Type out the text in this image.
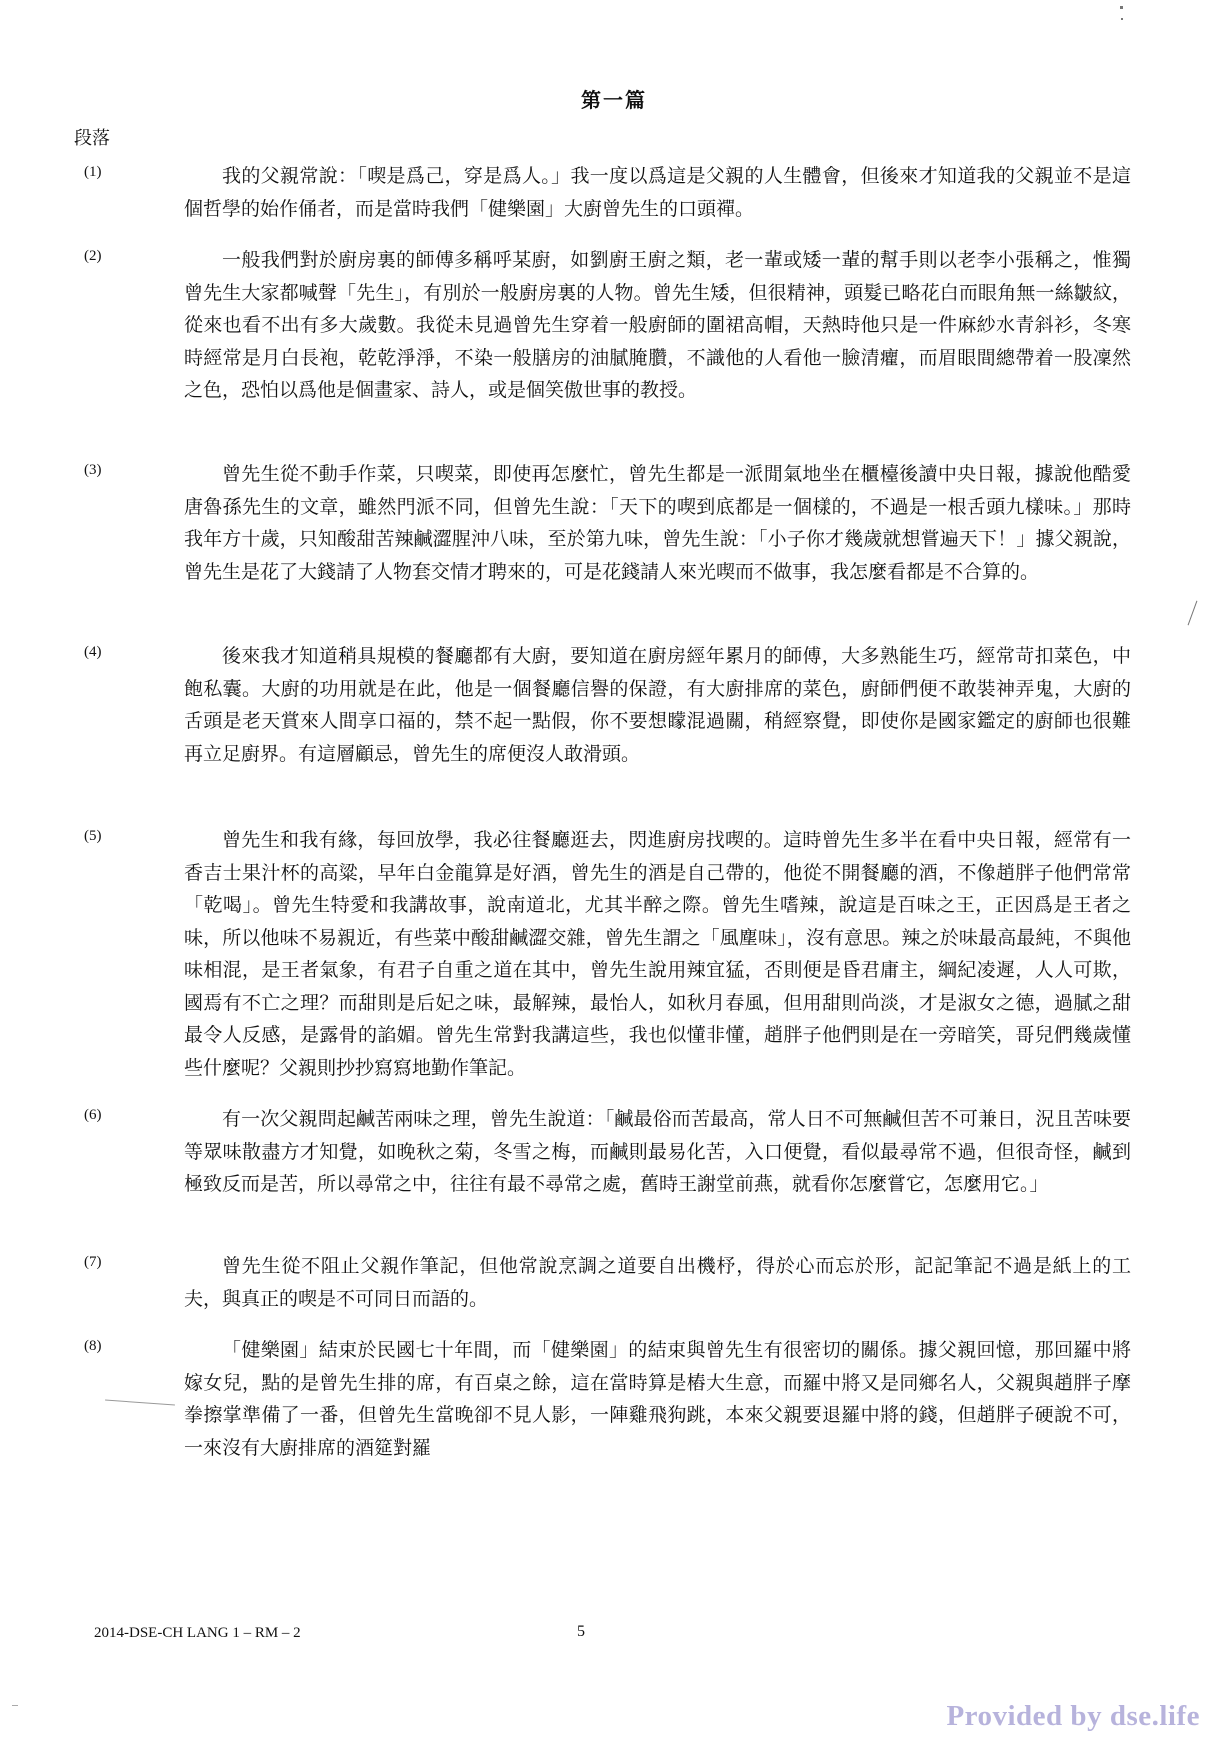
第一篇
段落
(1)	我的父親常說：「喫是爲己，穿是爲人。」我一度以爲這是父親的人生體會，但後來才知道我的父親並不是這個哲學的始作俑者，而是當時我們「健樂園」大廚曾先生的口頭禪。
(2)	一般我們對於廚房裏的師傅多稱呼某廚，如劉廚王廚之類，老一輩或矮一輩的幫手則以老李小張稱之，惟獨曾先生大家都喊聲「先生」，有別於一般廚房裏的人物。曾先生矮，但很精神，頭髮已略花白而眼角無一絲皺紋，從來也看不出有多大歲數。我從未見過曾先生穿着一般廚師的圍裙高帽，天熱時他只是一件麻紗水青斜衫，冬寒時經常是月白長袍，乾乾淨淨，不染一般膳房的油膩腌臢，不識他的人看他一臉清癯，而眉眼間總帶着一股凜然之色，恐怕以爲他是個畫家、詩人，或是個笑傲世事的教授。
(3)	曾先生從不動手作菜，只喫菜，即使再怎麼忙，曾先生都是一派閒氣地坐在櫃檯後讀中央日報，據說他酷愛唐魯孫先生的文章，雖然門派不同，但曾先生說：「天下的喫到底都是一個樣的，不過是一根舌頭九樣味。」那時我年方十歲，只知酸甜苦辣鹹澀腥沖八味，至於第九味，曾先生說：「小子你才幾歲就想嘗遍天下！」據父親說，曾先生是花了大錢請了人物套交情才聘來的，可是花錢請人來光喫而不做事，我怎麼看都是不合算的。
(4)	後來我才知道稍具規模的餐廳都有大廚，要知道在廚房經年累月的師傅，大多熟能生巧，經常苛扣菜色，中飽私囊。大廚的功用就是在此，他是一個餐廳信譽的保證，有大廚排席的菜色，廚師們便不敢裝神弄鬼，大廚的舌頭是老天賞來人間享口福的，禁不起一點假，你不要想矇混過關，稍經察覺，即使你是國家鑑定的廚師也很難再立足廚界。有這層顧忌，曾先生的席便沒人敢滑頭。
(5)	曾先生和我有緣，每回放學，我必往餐廳逛去，閃進廚房找喫的。這時曾先生多半在看中央日報，經常有一香吉士果汁杯的高粱，早年白金龍算是好酒，曾先生的酒是自己帶的，他從不開餐廳的酒，不像趙胖子他們常常「乾喝」。曾先生特愛和我講故事，說南道北，尤其半醉之際。曾先生嗜辣，說這是百味之王，正因爲是王者之味，所以他味不易親近，有些菜中酸甜鹹澀交雜，曾先生謂之「風塵味」，沒有意思。辣之於味最高最純，不與他味相混，是王者氣象，有君子自重之道在其中，曾先生說用辣宜猛，否則便是昏君庸主，綱紀凌遲，人人可欺，國焉有不亡之理？而甜則是后妃之味，最解辣，最怡人，如秋月春風，但用甜則尚淡，才是淑女之德，過膩之甜最令人反感，是露骨的諂媚。曾先生常對我講這些，我也似懂非懂，趙胖子他們則是在一旁暗笑，哥兒們幾歲懂些什麼呢？父親則抄抄寫寫地勤作筆記。
(6)	有一次父親問起鹹苦兩味之理，曾先生說道：「鹹最俗而苦最高，常人日不可無鹹但苦不可兼日，況且苦味要等眾味散盡方才知覺，如晚秋之菊，冬雪之梅，而鹹則最易化苦，入口便覺，看似最尋常不過，但很奇怪，鹹到極致反而是苦，所以尋常之中，往往有最不尋常之處，舊時王謝堂前燕，就看你怎麼嘗它，怎麼用它。」
(7)	曾先生從不阻止父親作筆記，但他常說烹調之道要自出機杼，得於心而忘於形，記記筆記不過是紙上的工夫，與真正的喫是不可同日而語的。
(8)	「健樂園」結束於民國七十年間，而「健樂園」的結束與曾先生有很密切的關係。據父親回憶，那回羅中將嫁女兒，點的是曾先生排的席，有百桌之餘，這在當時算是樁大生意，而羅中將又是同鄉名人，父親與趙胖子摩拳擦掌準備了一番，但曾先生當晚卻不見人影，一陣雞飛狗跳，本來父親要退羅中將的錢，但趙胖子硬說不可，一來沒有大廚排席的酒筵對羅
2014-DSE-CH LANG 1 – RM – 2	5
Provided by dse.life
